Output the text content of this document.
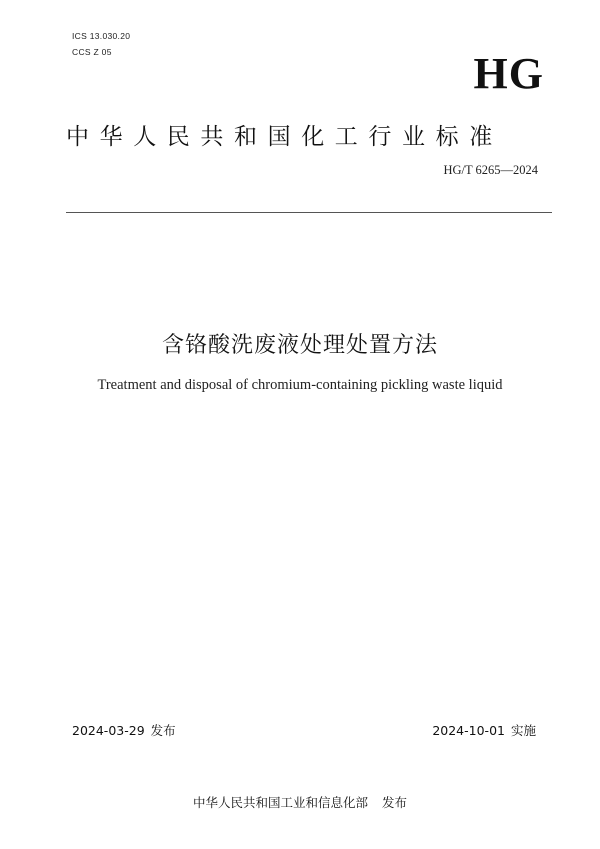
ICS 13.030.20
CCS Z 05	HG
中华人民共和国化工行业标准
HG/T 6265—2024
含铬酸洗废液处理处置方法
Treatment and disposal of chromium-containing pickling waste liquid
2024-03-29 发布	2024-10-01 实施
中华人民共和国工业和信息化部 发布
